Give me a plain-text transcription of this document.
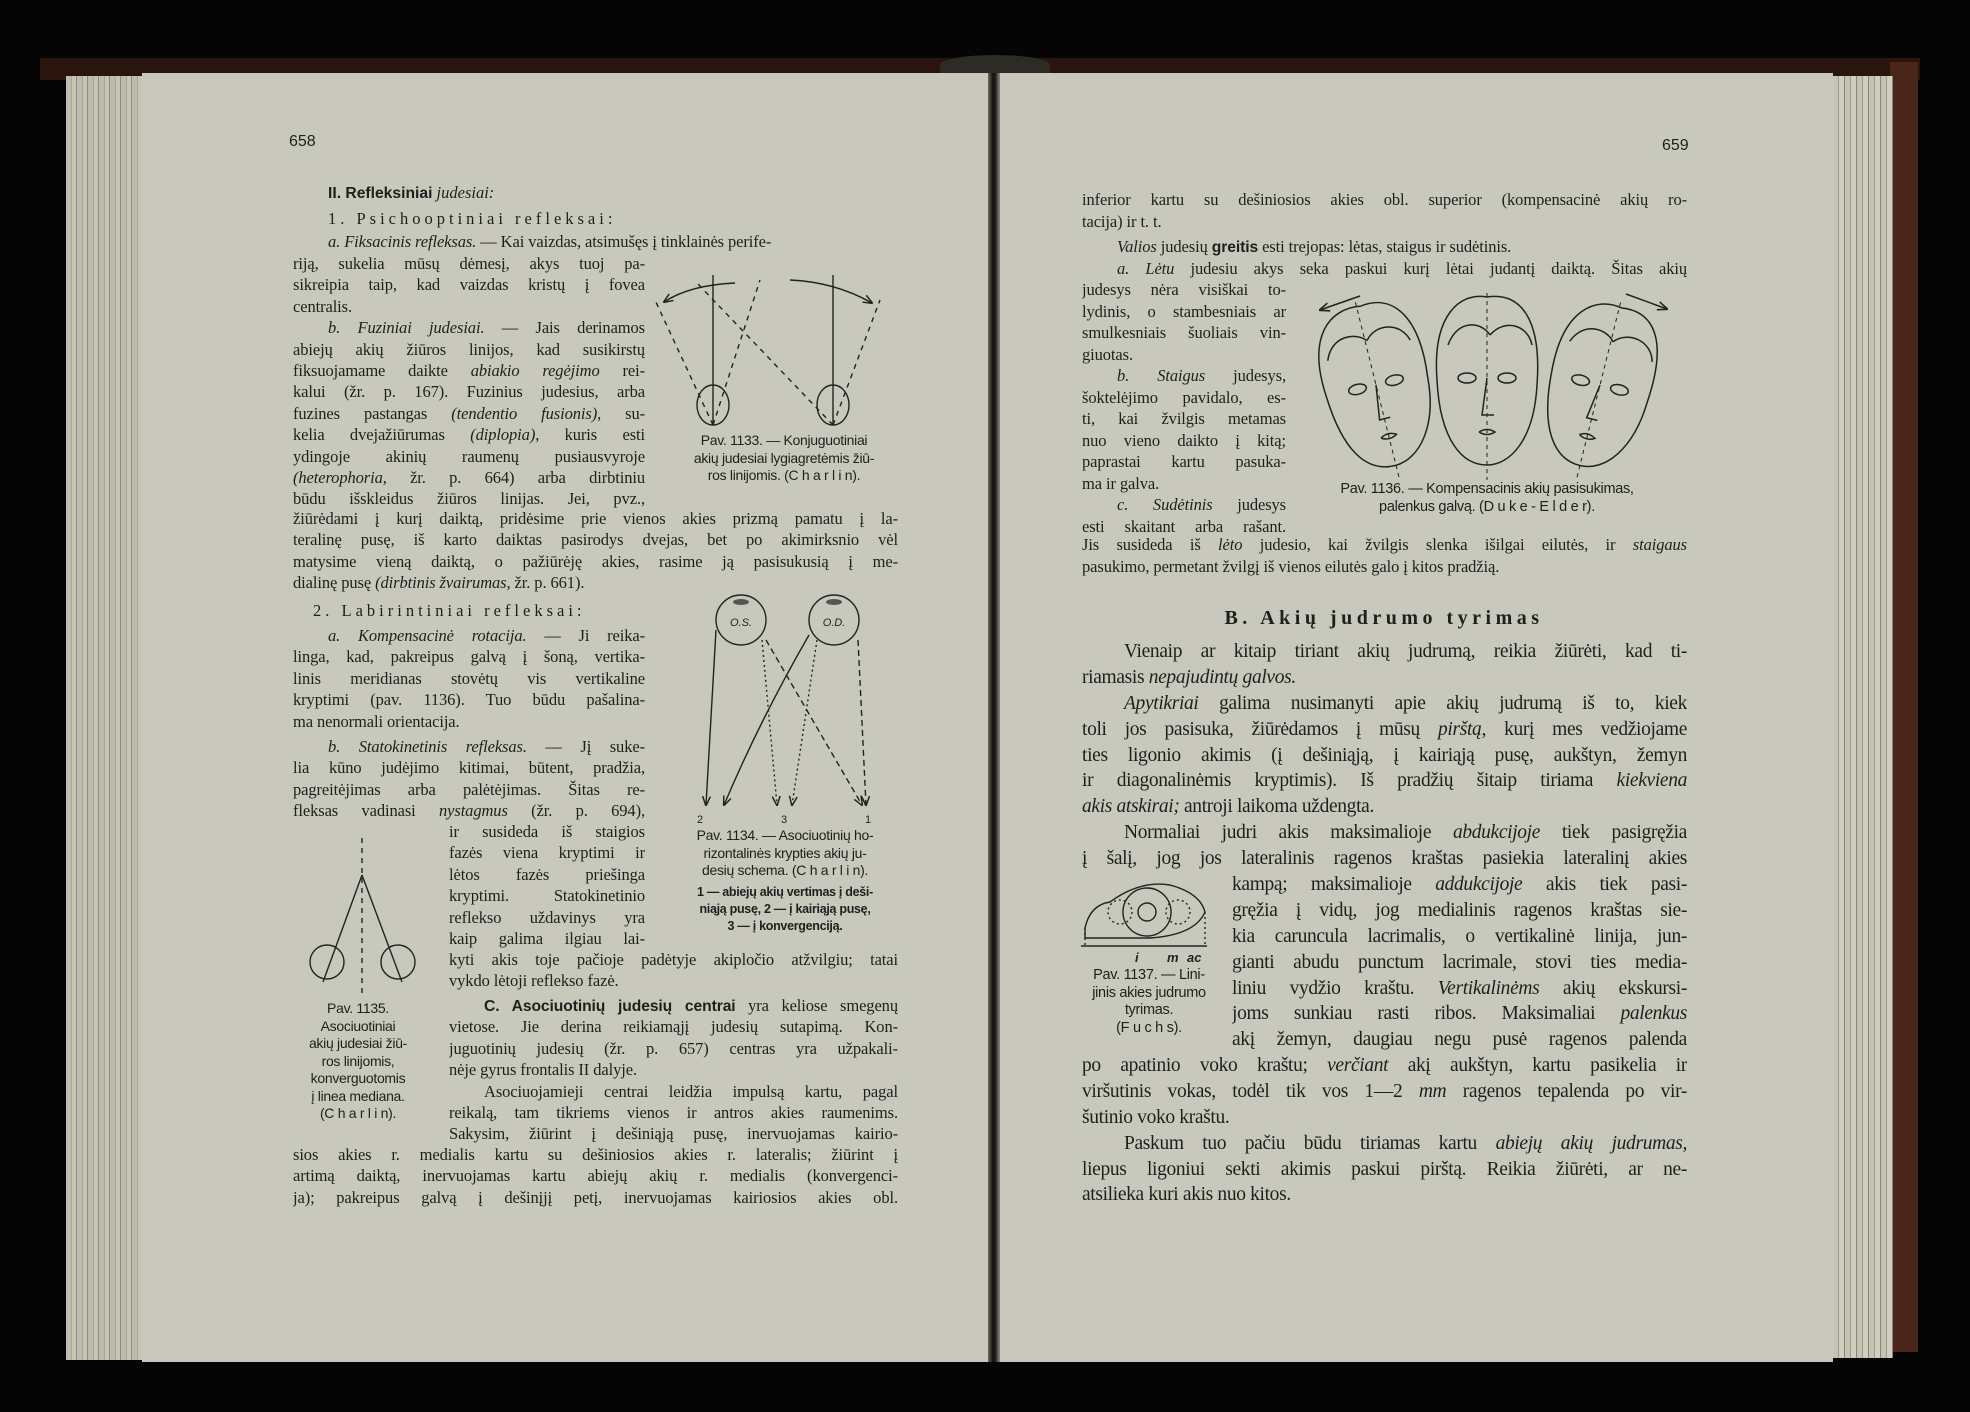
658
II. Refleksiniai judesiai:
1. Psichooptiniai refleksai:
a. Fiksacinis refleksas. — Kai vaizdas, atsimušęs į tinklainės perife-
riją, sukelia mūsų dėmesį, akys tuoj pa-
sikreipia taip, kad vaizdas kristų į fovea
centralis.
b. Fuziniai judesiai. — Jais derinamos
abiejų akių žiūros linijos, kad susikirstų
fiksuojamame daikte abiakio regėjimo rei-
kalui (žr. p. 167). Fuzinius judesius, arba
fuzines pastangas (tendentio fusionis), su-
kelia dvejažiūrumas (diplopia), kuris esti
ydingoje akinių raumenų pusiausvyroje
(heterophoria, žr. p. 664) arba dirbtiniu
būdu išskleidus žiūros linijas. Jei, pvz.,
žiūrėdami į kurį daiktą, pridėsime prie vienos akies prizmą pamatu į la-
teralinę pusę, iš karto daiktas pasirodys dvejas, bet po akimirksnio vėl
matysime vieną daiktą, o pažiūrėję akies, rasime ją pasisukusią į me-
dialinę pusę (dirbtinis žvairumas, žr. p. 661).
2. Labirintiniai refleksai:
a. Kompensacinė rotacija. — Ji reika-
linga, kad, pakreipus galvą į šoną, vertika-
linis meridianas stovėtų vis vertikaline
kryptimi (pav. 1136). Tuo būdu pašalina-
ma nenormali orientacija.
b. Statokinetinis refleksas. — Jį suke-
lia kūno judėjimo kitimai, būtent, pradžia,
pagreitėjimas arba palėtėjimas. Šitas re-
fleksas vadinasi nystagmus (žr. p. 694),
ir susideda iš staigios
fazės viena kryptimi ir
lėtos fazės priešinga
kryptimi. Statokinetinio
reflekso uždavinys yra
kaip galima ilgiau lai-
kyti akis toje pačioje padėtyje akipločio atžvilgiu; tatai
vykdo lėtoji reflekso fazė.
C. Asociuotinių judesių centrai yra keliose smegenų
vietose. Jie derina reikiamąjį judesių sutapimą. Kon-
juguotinių judesių (žr. p. 657) centras yra užpakali-
nėje gyrus frontalis II dalyje.
Asociuojamieji centrai leidžia impulsą kartu, pagal
reikalą, tam tikriems vienos ir antros akies raumenims.
Sakysim, žiūrint į dešiniąją pusę, inervuojamas kairio-
sios akies r. medialis kartu su dešiniosios akies r. lateralis; žiūrint į
artimą daiktą, inervuojamas kartu abiejų akių r. medialis (konvergenci-
ja); pakreipus galvą į dešinįjį petį, inervuojamas kairiosios akies obl.
Pav. 1133. — Konjuguotiniai
akių judesiai lygiagretėmis žiū-
ros linijomis. (C h a r l i n).
Pav. 1134. — Asociuotinių ho-
rizontalinės krypties akių ju-
desių schema. (C h a r l i n).
1 — abiejų akių vertimas į deši-
niąją pusę, 2 — į kairiąją pusę,
3 — į konvergenciją.
Pav. 1135.
Asociuotiniai
akių judesiai žiū-
ros linijomis,
konverguotomis
į linea mediana.
(C h a r l i n).
659
inferior kartu su dešiniosios akies obl. superior (kompensacinė akių ro-
tacija) ir t. t.
Valios judesių greitis esti trejopas: lėtas, staigus ir sudėtinis.
a. Lėtu judesiu akys seka paskui kurį lėtai judantį daiktą. Šitas akių
judesys nėra visiškai to-
lydinis, o stambesniais ar
smulkesniais šuoliais vin-
giuotas.
b. Staigus judesys,
šoktelėjimo pavidalo, es-
ti, kai žvilgis metamas
nuo vieno daikto į kitą;
paprastai kartu pasuka-
ma ir galva.
c. Sudėtinis judesys
esti skaitant arba rašant.
Jis susideda iš lėto judesio, kai žvilgis slenka išilgai eilutės, ir staigaus
pasukimo, permetant žvilgį iš vienos eilutės galo į kitos pradžią.
Pav. 1136. — Kompensacinis akių pasisukimas,
palenkus galvą. (D u k e - E l d e r).
B. Akių judrumo tyrimas
Vienaip ar kitaip tiriant akių judrumą, reikia žiūrėti, kad ti-
riamasis nepajudintų galvos.
Apytikriai galima nusimanyti apie akių judrumą iš to, kiek
toli jos pasisuka, žiūrėdamos į mūsų pirštą, kurį mes vedžiojame
ties ligonio akimis (į dešiniąją, į kairiąją pusę, aukštyn, žemyn
ir diagonalinėmis kryptimis). Iš pradžių šitaip tiriama kiekviena
akis atskirai; antroji laikoma uždengta.
Normaliai judri akis maksimalioje abdukcijoje tiek pasigręžia
į šalį, jog jos lateralinis ragenos kraštas pasiekia lateralinį akies
kampą; maksimalioje addukcijoje akis tiek pasi-
gręžia į vidų, jog medialinis ragenos kraštas sie-
kia caruncula lacrimalis, o vertikalinė linija, jun-
gianti abudu punctum lacrimale, stovi ties media-
liniu vydžio kraštu. Vertikalinėms akių ekskursi-
joms sunkiau rasti ribos. Maksimaliai palenkus
akį žemyn, daugiau negu pusė ragenos palenda
po apatinio voko kraštu; verčiant akį aukštyn, kartu pasikelia ir
viršutinis vokas, todėl tik vos 1—2 mm ragenos tepalenda po vir-
šutinio voko kraštu.
Paskum tuo pačiu būdu tiriamas kartu abiejų akių judrumas,
liepus ligoniui sekti akimis paskui pirštą. Reikia žiūrėti, ar ne-
atsilieka kuri akis nuo kitos.
Pav. 1137. — Lini-
jinis akies judrumo
tyrimas.
(F u c h s).
O.S.	O.D.
2	3	1
i m ac
